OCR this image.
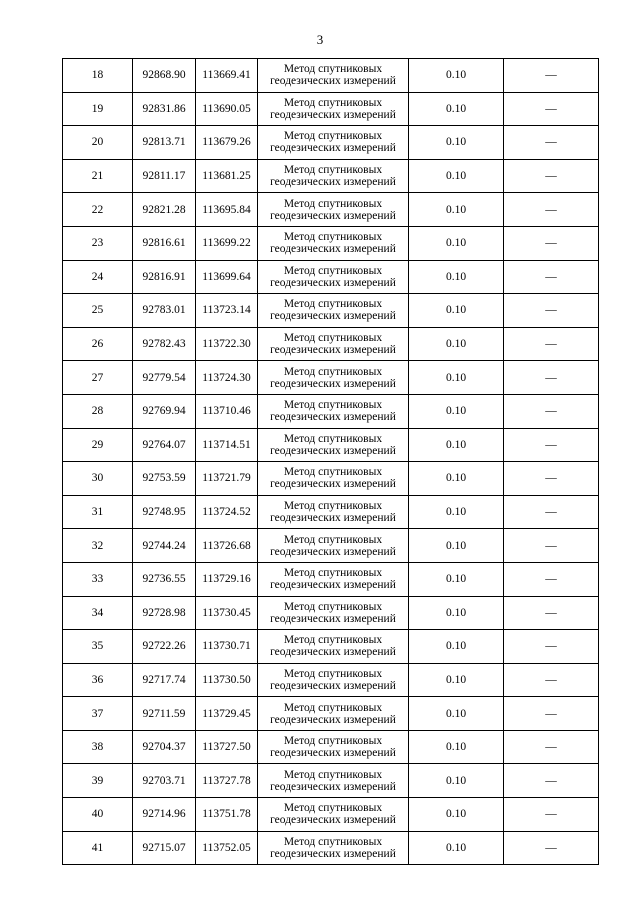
3
18	92868.90	113669.41	Метод спутниковых
геодезических измерений	0.10	—
19	92831.86	113690.05	Метод спутниковых
геодезических измерений	0.10	—
20	92813.71	113679.26	Метод спутниковых
геодезических измерений	0.10	—
21	92811.17	113681.25	Метод спутниковых
геодезических измерений	0.10	—
22	92821.28	113695.84	Метод спутниковых
геодезических измерений	0.10	—
23	92816.61	113699.22	Метод спутниковых
геодезических измерений	0.10	—
24	92816.91	113699.64	Метод спутниковых
геодезических измерений	0.10	—
25	92783.01	113723.14	Метод спутниковых
геодезических измерений	0.10	—
26	92782.43	113722.30	Метод спутниковых
геодезических измерений	0.10	—
27	92779.54	113724.30	Метод спутниковых
геодезических измерений	0.10	—
28	92769.94	113710.46	Метод спутниковых
геодезических измерений	0.10	—
29	92764.07	113714.51	Метод спутниковых
геодезических измерений	0.10	—
30	92753.59	113721.79	Метод спутниковых
геодезических измерений	0.10	—
31	92748.95	113724.52	Метод спутниковых
геодезических измерений	0.10	—
32	92744.24	113726.68	Метод спутниковых
геодезических измерений	0.10	—
33	92736.55	113729.16	Метод спутниковых
геодезических измерений	0.10	—
34	92728.98	113730.45	Метод спутниковых
геодезических измерений	0.10	—
35	92722.26	113730.71	Метод спутниковых
геодезических измерений	0.10	—
36	92717.74	113730.50	Метод спутниковых
геодезических измерений	0.10	—
37	92711.59	113729.45	Метод спутниковых
геодезических измерений	0.10	—
38	92704.37	113727.50	Метод спутниковых
геодезических измерений	0.10	—
39	92703.71	113727.78	Метод спутниковых
геодезических измерений	0.10	—
40	92714.96	113751.78	Метод спутниковых
геодезических измерений	0.10	—
41	92715.07	113752.05	Метод спутниковых
геодезических измерений	0.10	—
